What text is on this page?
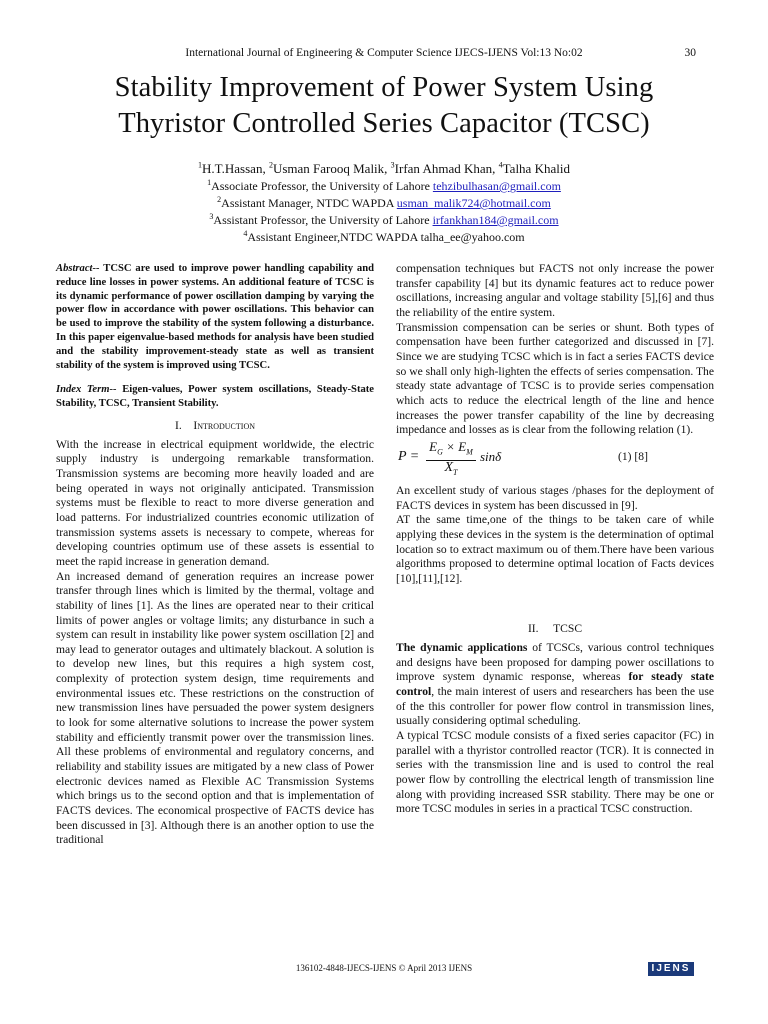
International Journal of Engineering & Computer Science IJECS-IJENS Vol:13 No:02	30
Stability Improvement of Power System Using
Thyristor Controlled Series Capacitor (TCSC)
$^1$H.T.Hassan, $^2$Usman Farooq Malik, $^3$Irfan Ahmad Khan, $^4$Talha Khalid
$^1$Associate Professor, the University of Lahore tehzibulhasan@gmail.com
$^2$Assistant Manager, NTDC WAPDA usman_malik724@hotmail.com
$^3$Assistant Professor, the University of Lahore irfankhan184@gmail.com
$^4$Assistant Engineer,NTDC WAPDA talha_ee@yahoo.com

Abstract-- TCSC are used to improve power handling capability and reduce line losses in power systems. An additional feature of TCSC is its dynamic performance of power oscillation damping by varying the power flow in accordance with power oscillations. This behavior can be used to improve the stability of the system following a disturbance. In this paper eigenvalue-based methods for analysis have been studied and the stability improvement-steady state as well as transient stability of the system is improved using TCSC.

Index Term-- Eigen-values, Power system oscillations, Steady-State Stability, TCSC, Transient Stability.

I. Introduction

With the increase in electrical equipment worldwide, the electric supply industry is undergoing remarkable transformation. Transmission systems are becoming more heavily loaded and are being operated in ways not originally anticipated. Transmission systems must be flexible to react to more diverse generation and load patterns. For industrialized countries economic utilization of transmission systems assets is necessary to compete, whereas for developing countries optimum use of these assets is essential to meet the rapid increase in generation demand.

An increased demand of generation requires an increase power transfer through lines which is limited by the thermal, voltage and stability of lines [1]. As the lines are operated near to their critical limits of power angles or voltage limits; any disturbance in such a system can result in instability like power system oscillation [2] and may lead to generator outages and ultimately blackout. A solution is to develop new lines, but this requires a high system cost, complexity of protection system design, time requirements and environmental issues etc. These restrictions on the construction of new transmission lines have persuaded the power system designers to look for some alternative solutions to increase the power system stability and efficiently transmit power over the transmission lines. All these problems of environmental and regulatory concerns, and reliability and stability issues are mitigated by a new class of Power electronic devices named as Flexible AC Transmission Systems which brings us to the second option and that is implementation of FACTS devices. The economical prospective of FACTS device has been discussed in [3]. Although there is an another option to use the traditional

compensation techniques but FACTS not only increase the power transfer capability [4] but its dynamic features act to reduce power oscillations, increasing angular and voltage stability [5],[6] and thus the reliability of the entire system.

Transmission compensation can be series or shunt. Both types of compensation have been further categorized and discussed in [7]. Since we are studying TCSC which is in fact a series FACTS device so we shall only high-lighten the effects of series compensation. The steady state advantage of TCSC is to provide series compensation which acts to reduce the electrical length of the line and hence increases the power transfer capability of the line by decreasing impedance and losses as is clear from the following relation (1).

$P = \frac{E_G \times E_M}{X_T}$ sinδ	(1) [8]

An excellent study of various stages /phases for the deployment of FACTS devices in system has been discussed in [9].

AT the same time,one of the things to be taken care of while applying these devices in the system is the determination of optimal location so to extract maximum ou of them.There have been various algorithms proposed to determine optimal location of Facts devices [10],[11],[12].

II. TCSC

The dynamic applications of TCSCs, various control techniques and designs have been proposed for damping power oscillations to improve system dynamic response, whereas for steady state control, the main interest of users and researchers has been the use of the this controller for power flow control in transmission lines, usually considering optimal scheduling.

A typical TCSC module consists of a fixed series capacitor (FC) in parallel with a thyristor controlled reactor (TCR). It is connected in series with the transmission line and is used to control the real power flow by controlling the electrical length of transmission line along with providing increased SSR stability. There may be one or more TCSC modules in series in a practical TCSC construction.

136102-4848-IJECS-IJENS © April 2013 IJENS	IJENS
